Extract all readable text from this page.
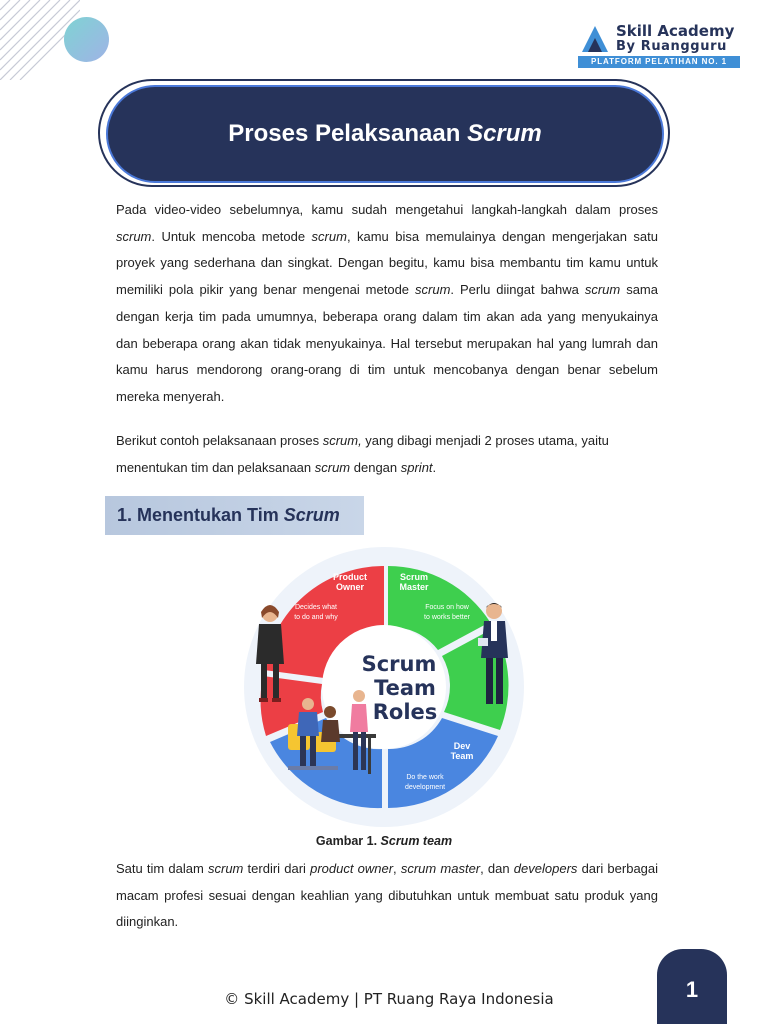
Skill Academy
By Ruangguru
PLATFORM PELATIHAN NO. 1
Proses Pelaksanaan Scrum
Pada video-video sebelumnya, kamu sudah mengetahui langkah-langkah dalam proses scrum. Untuk mencoba metode scrum, kamu bisa memulainya dengan mengerjakan satu proyek yang sederhana dan singkat. Dengan begitu, kamu bisa membantu tim kamu untuk memiliki pola pikir yang benar mengenai metode scrum. Perlu diingat bahwa scrum sama dengan kerja tim pada umumnya, beberapa orang dalam tim akan ada yang menyukainya dan beberapa orang akan tidak menyukainya. Hal tersebut merupakan hal yang lumrah dan kamu harus mendorong orang-orang di tim untuk mencobanya dengan benar sebelum mereka menyerah.
Berikut contoh pelaksanaan proses scrum, yang dibagi menjadi 2 proses utama, yaitu menentukan tim dan pelaksanaan scrum dengan sprint.
1. Menentukan Tim Scrum
Scrum
Team
Roles
Product
Owner
Decides what
to do and why
Scrum
Master
Focus on how
to works better
Dev
Team
Do the work
development
Gambar 1. Scrum team
Satu tim dalam scrum terdiri dari product owner, scrum master, dan developers dari berbagai macam profesi sesuai dengan keahlian yang dibutuhkan untuk membuat satu produk yang diinginkan.
© Skill Academy | PT Ruang Raya Indonesia	1
